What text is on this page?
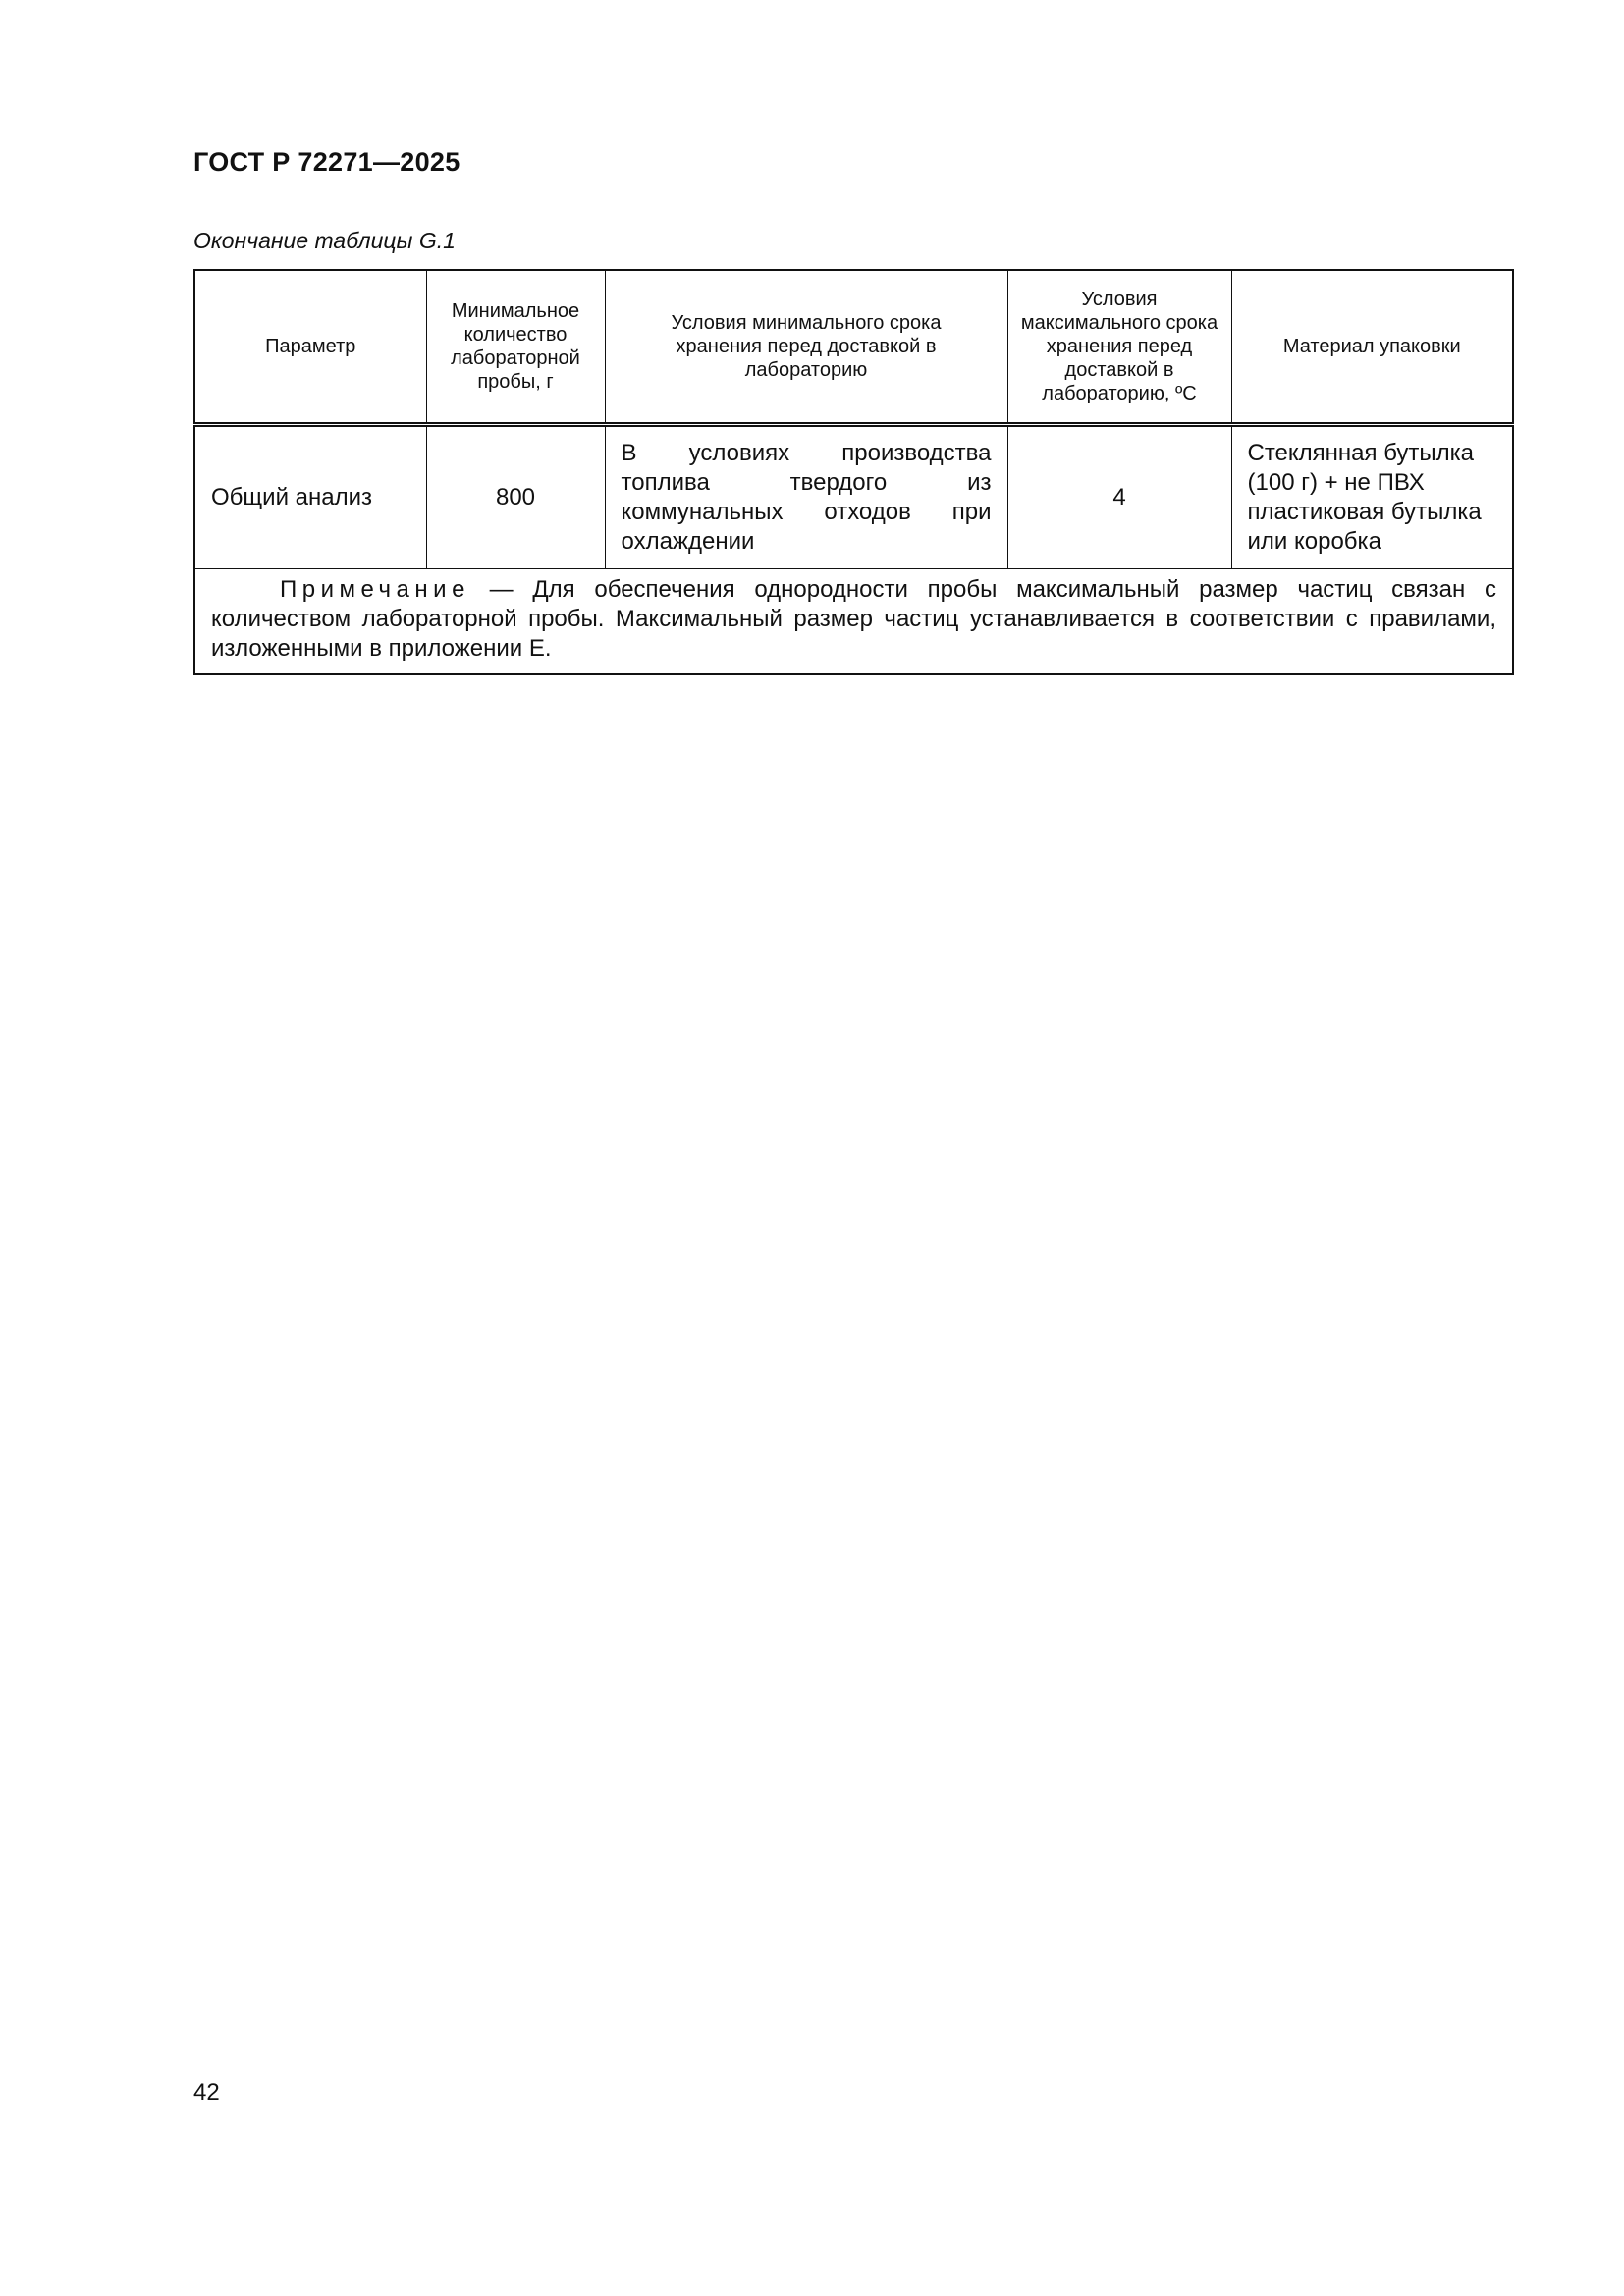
ГОСТ Р 72271—2025
Окончание таблицы G.1
Параметр	Минимальное количество лабораторной пробы, г	Условия минимального срока хранения перед доставкой в лабораторию	Условия максимального срока хранения перед доставкой в лабораторию, ºС	Материал упаковки
Общий анализ	800	В условиях производства топлива твердого из коммунальных отходов при охлаждении	4	Стеклянная бутылка (100 г) + не ПВХ пластиковая бутылка или коробка
Примечание — Для обеспечения однородности пробы максимальный размер частиц связан с количеством лабораторной пробы. Максимальный размер частиц устанавливается в соответствии с правилами, изложенными в приложении Е.				
42
